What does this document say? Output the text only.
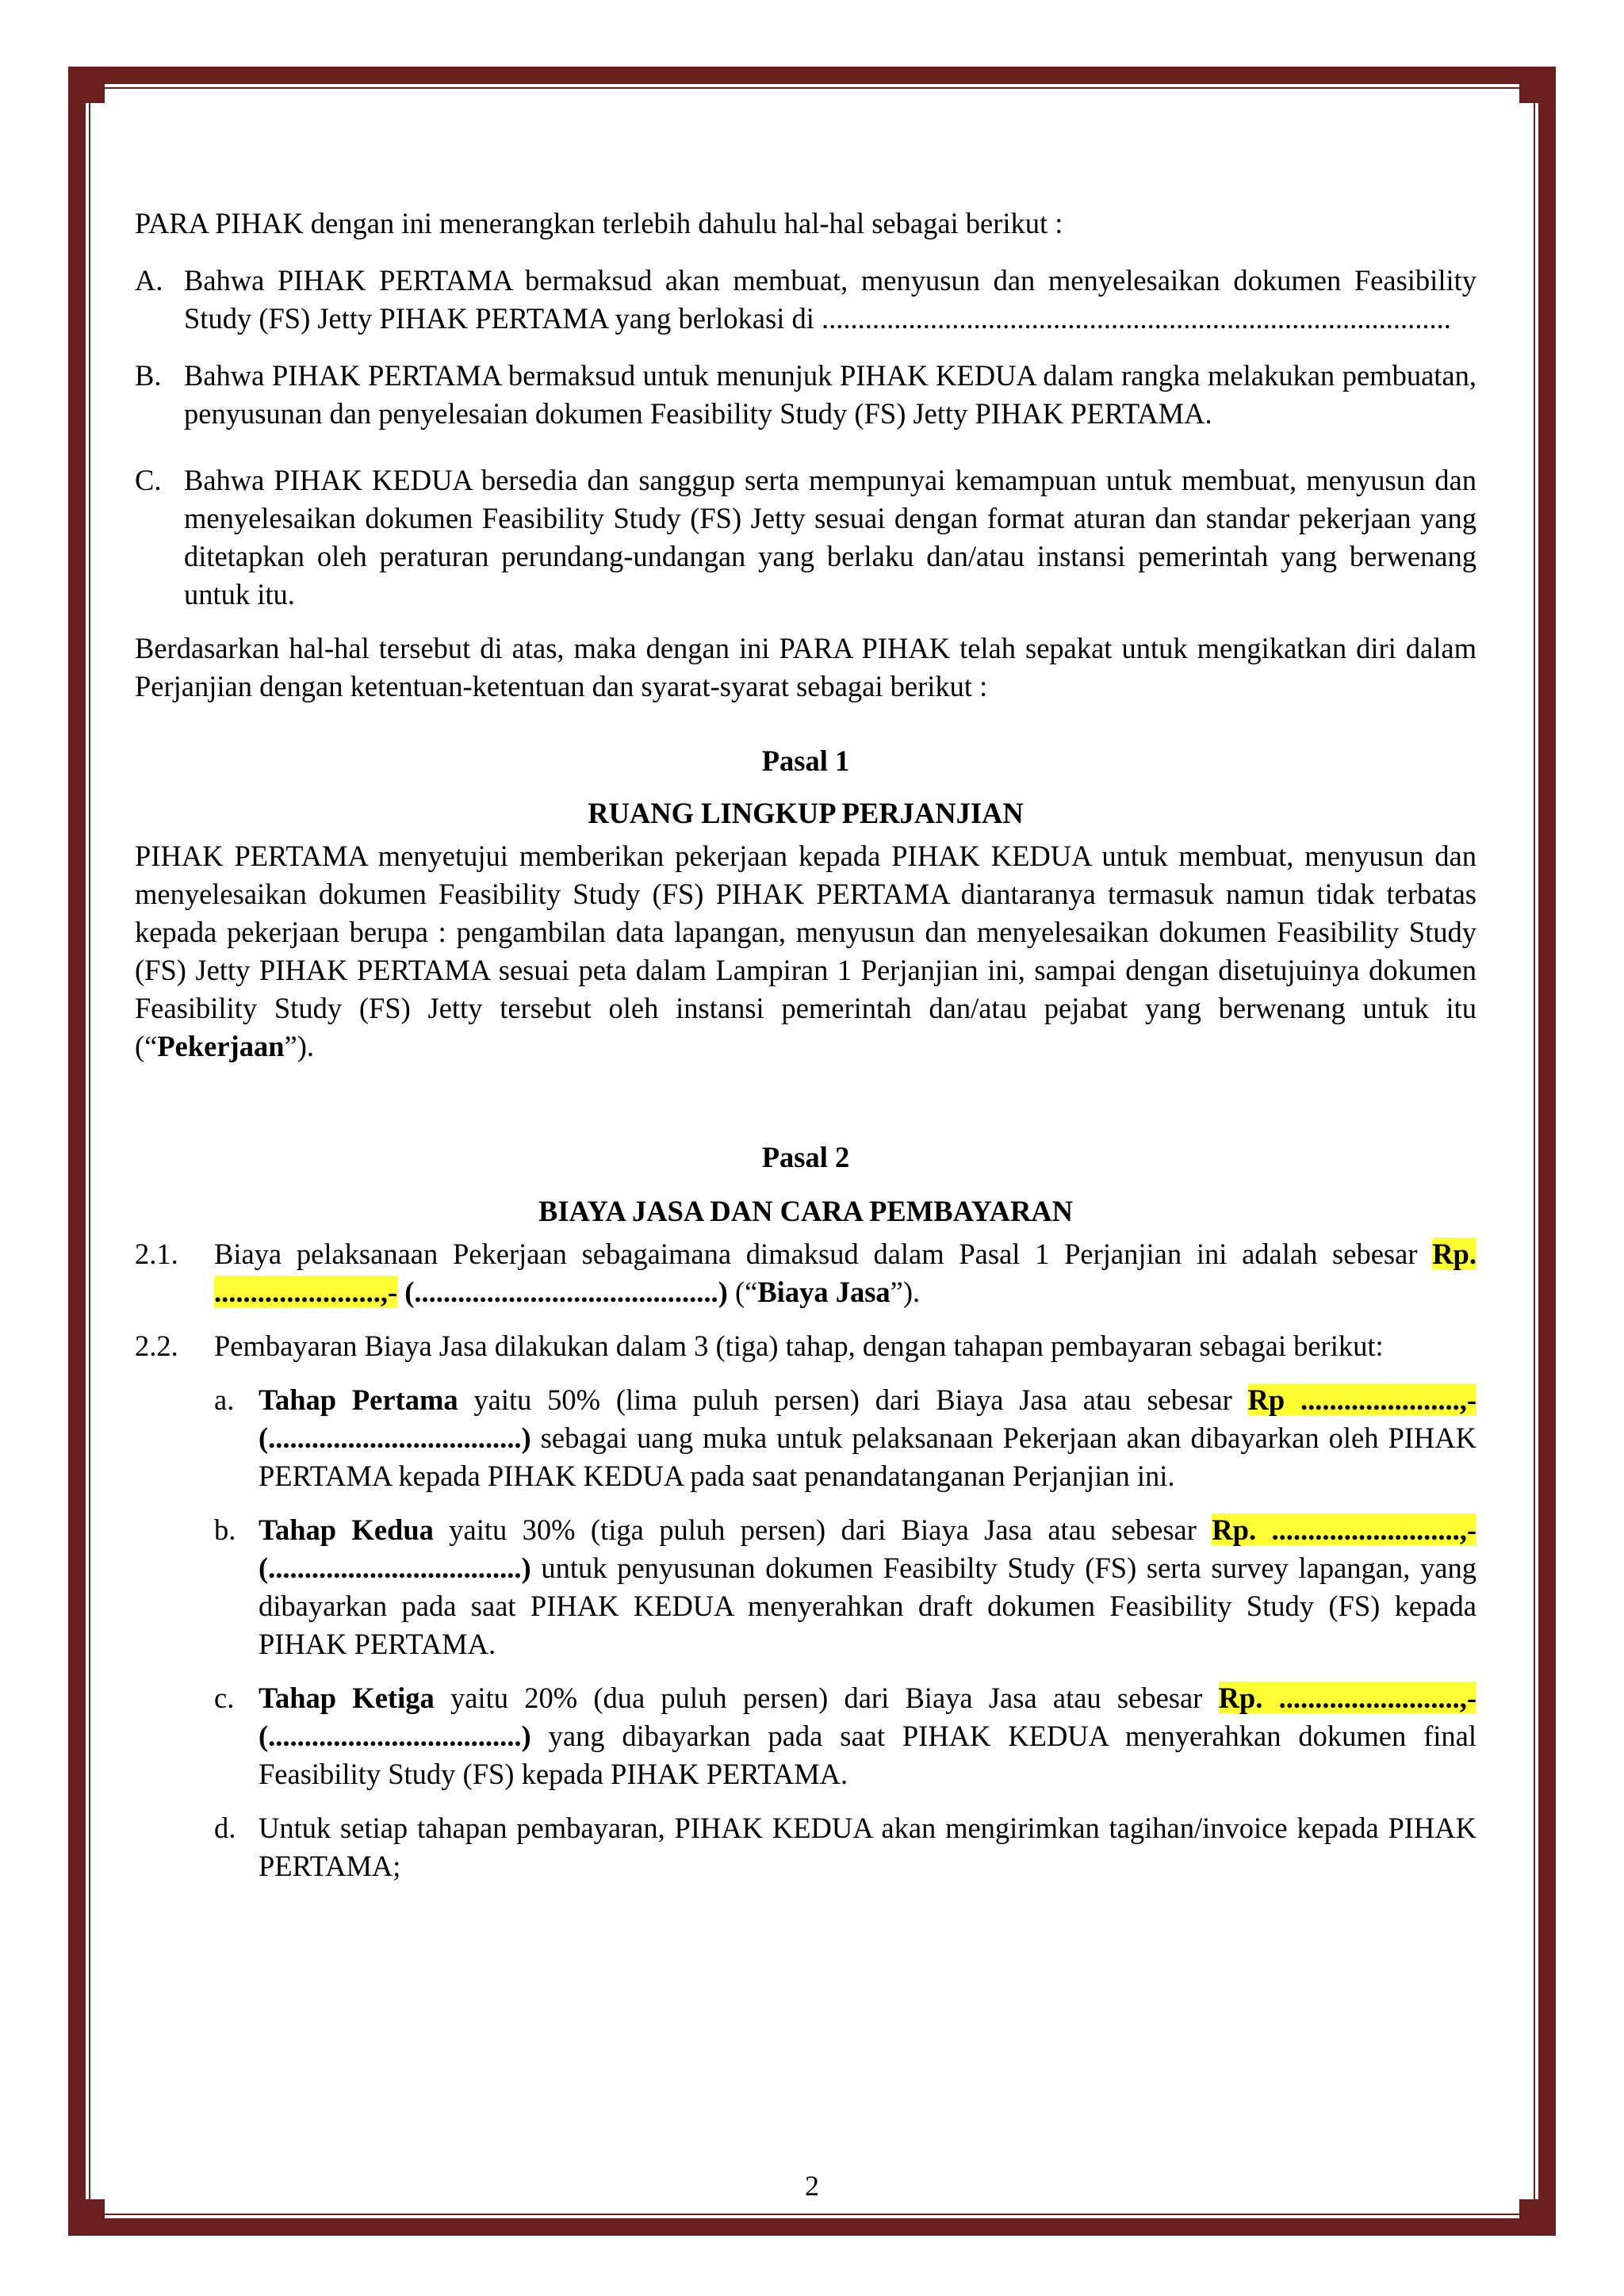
PARA PIHAK dengan ini menerangkan terlebih dahulu hal-hal sebagai berikut :

A. Bahwa PIHAK PERTAMA bermaksud akan membuat, menyusun dan menyelesaikan dokumen Feasibility Study (FS) Jetty PIHAK PERTAMA yang berlokasi di .......................................................................................
B. Bahwa PIHAK PERTAMA bermaksud untuk menunjuk PIHAK KEDUA dalam rangka melakukan pembuatan, penyusunan dan penyelesaian dokumen Feasibility Study (FS) Jetty PIHAK PERTAMA.
C. Bahwa PIHAK KEDUA bersedia dan sanggup serta mempunyai kemampuan untuk membuat, menyusun dan menyelesaikan dokumen Feasibility Study (FS) Jetty sesuai dengan format aturan dan standar pekerjaan yang ditetapkan oleh peraturan perundang-undangan yang berlaku dan/atau instansi pemerintah yang berwenang untuk itu.

Berdasarkan hal-hal tersebut di atas, maka dengan ini PARA PIHAK telah sepakat untuk mengikatkan diri dalam Perjanjian dengan ketentuan-ketentuan dan syarat-syarat sebagai berikut :

Pasal 1

RUANG LINGKUP PERJANJIAN

PIHAK PERTAMA menyetujui memberikan pekerjaan kepada PIHAK KEDUA untuk membuat, menyusun dan menyelesaikan dokumen Feasibility Study (FS) PIHAK PERTAMA diantaranya termasuk namun tidak terbatas kepada pekerjaan berupa : pengambilan data lapangan, menyusun dan menyelesaikan dokumen Feasibility Study (FS) Jetty PIHAK PERTAMA sesuai peta dalam Lampiran 1 Perjanjian ini, sampai dengan disetujuinya dokumen Feasibility Study (FS) Jetty tersebut oleh instansi pemerintah dan/atau pejabat yang berwenang untuk itu (“Pekerjaan”).

Pasal 2

BIAYA JASA DAN CARA PEMBAYARAN

2.1.	Biaya pelaksanaan Pekerjaan sebagaimana dimaksud dalam Pasal 1 Perjanjian ini adalah sebesar Rp. .......................,- (..........................................) (“Biaya Jasa”).
2.2.	Pembayaran Biaya Jasa dilakukan dalam 3 (tiga) tahap, dengan tahapan pembayaran sebagai berikut:
a. Tahap Pertama yaitu 50% (lima puluh persen) dari Biaya Jasa atau sebesar Rp ......................,- (...................................) sebagai uang muka untuk pelaksanaan Pekerjaan akan dibayarkan oleh PIHAK PERTAMA kepada PIHAK KEDUA pada saat penandatanganan Perjanjian ini.
b. Tahap Kedua yaitu 30% (tiga puluh persen) dari Biaya Jasa atau sebesar Rp. ..........................,- (...................................) untuk penyusunan dokumen Feasibilty Study (FS) serta survey lapangan, yang dibayarkan pada saat PIHAK KEDUA menyerahkan draft dokumen Feasibility Study (FS) kepada PIHAK PERTAMA.
c. Tahap Ketiga yaitu 20% (dua puluh persen) dari Biaya Jasa atau sebesar Rp. .........................,- (...................................) yang dibayarkan pada saat PIHAK KEDUA menyerahkan dokumen final Feasibility Study (FS) kepada PIHAK PERTAMA.
d. Untuk setiap tahapan pembayaran, PIHAK KEDUA akan mengirimkan tagihan/invoice kepada PIHAK PERTAMA;
2
